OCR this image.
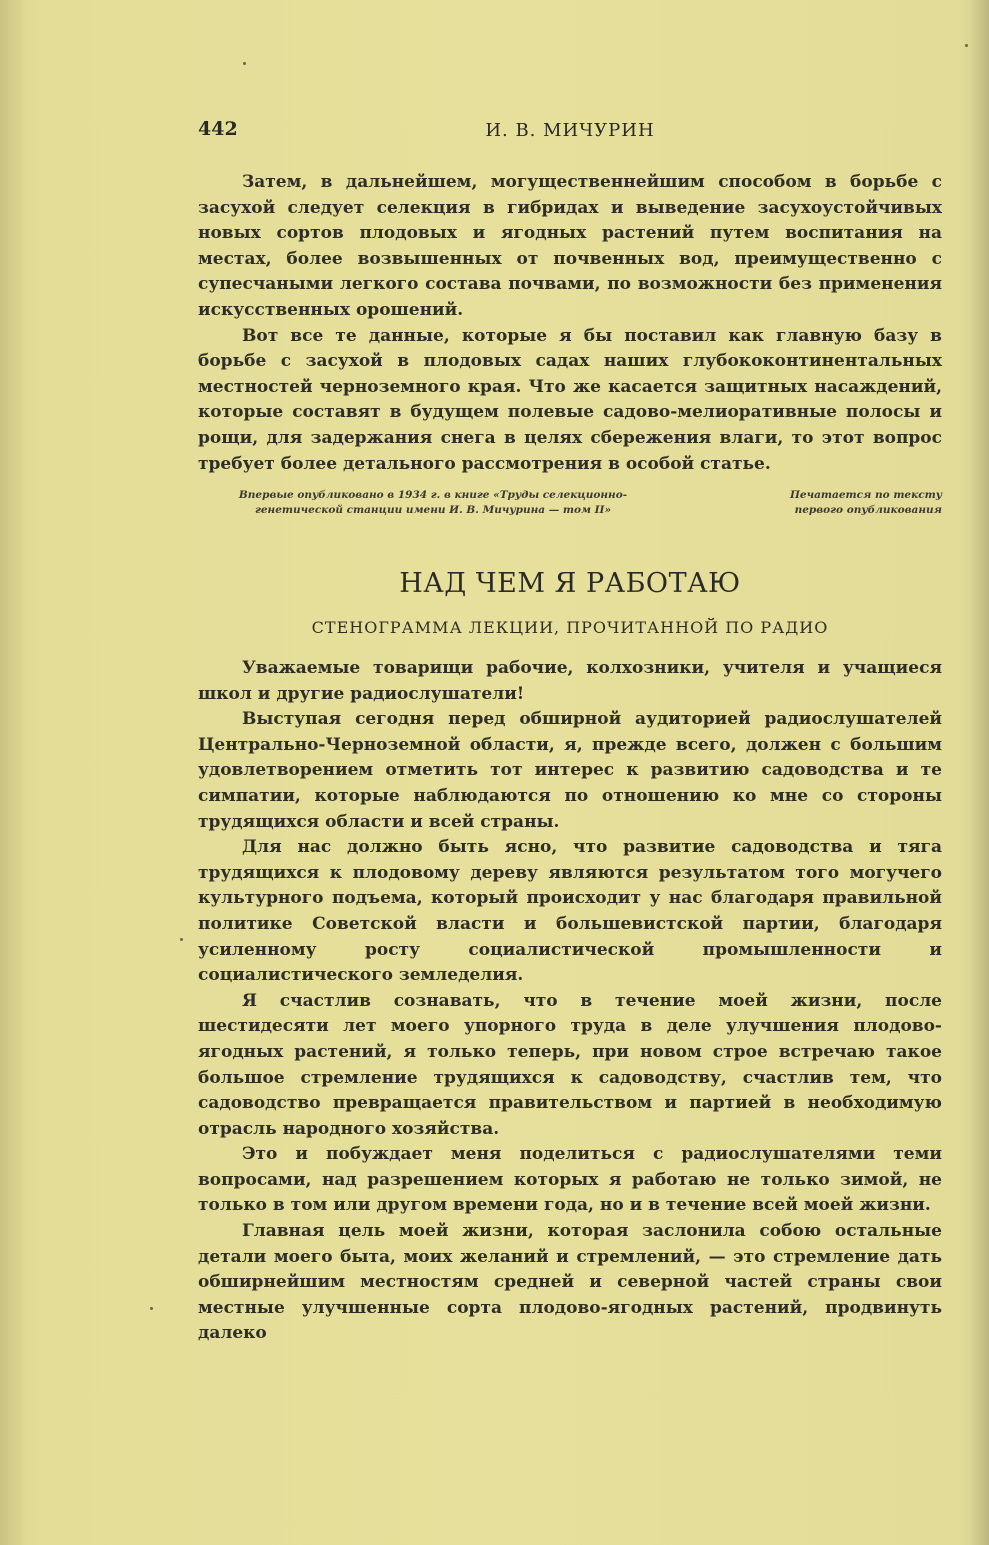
442	И. В. МИЧУРИН

Затем, в дальнейшем, могущественнейшим способом в борьбе с засухой следует селекция в гибридах и выведение засухоустойчивых новых сортов плодовых и ягодных растений путем воспитания на местах, более возвышенных от почвенных вод, преимущественно с супесчаными легкого состава почвами, по возможности без применения искусственных орошений.

Вот все те данные, которые я бы поставил как главную базу в борьбе с засухой в плодовых садах наших глубококонтинентальных местностей черноземного края. Что же касается защитных насаждений, которые составят в будущем полевые садово-мелиоративные полосы и рощи, для задержания снега в целях сбережения влаги, то этот вопрос требует более детального рассмотрения в особой статье.

Впервые опубликовано в 1934 г. в книге «Труды селекционно-
генетической станции имени И. В. Мичурина — том II»
Печатается по тексту
первого опубликования
НАД ЧЕМ Я РАБОТАЮ
СТЕНОГРАММА ЛЕКЦИИ, ПРОЧИТАННОЙ ПО РАДИО

Уважаемые товарищи рабочие, колхозники, учителя и учащиеся школ и другие радиослушатели!

Выступая сегодня перед обширной аудиторией радиослушателей Центрально-Черноземной области, я, прежде всего, должен с большим удовлетворением отметить тот интерес к развитию садоводства и те симпатии, которые наблюдаются по отношению ко мне со стороны трудящихся области и всей страны.

Для нас должно быть ясно, что развитие садоводства и тяга трудящихся к плодовому дереву являются результатом того могучего культурного подъема, который происходит у нас благодаря правильной политике Советской власти и большевистской партии, благодаря усиленному росту социалистической промышленности и социалистического земледелия.

Я счастлив сознавать, что в течение моей жизни, после шестидесяти лет моего упорного труда в деле улучшения плодово-ягодных растений, я только теперь, при новом строе встречаю такое большое стремление трудящихся к садоводству, счастлив тем, что садоводство превращается правительством и партией в необходимую отрасль народного хозяйства.

Это и побуждает меня поделиться с радиослушателями теми вопросами, над разрешением которых я работаю не только зимой, не только в том или другом времени года, но и в течение всей моей жизни.

Главная цель моей жизни, которая заслонила собою остальные детали моего быта, моих желаний и стремлений, — это стремление дать обширнейшим местностям средней и северной частей страны свои местные улучшенные сорта плодово-ягодных растений, продвинуть далеко
